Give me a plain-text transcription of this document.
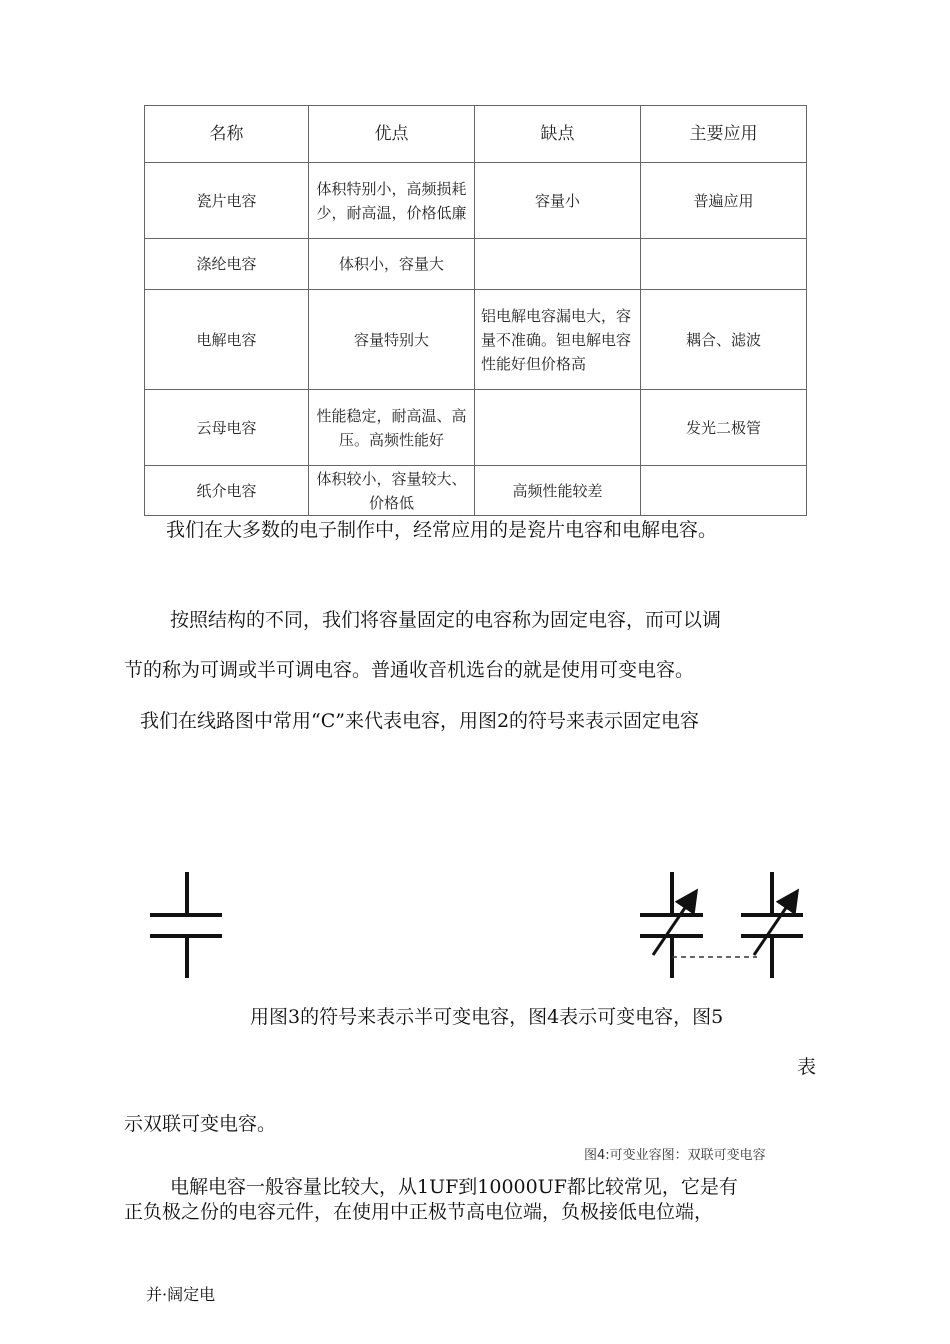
名称	优点	缺点	主要应用
瓷片电容	体积特别小，高频损耗少，耐高温，价格低廉	容量小	普遍应用
涤纶电容	体积小，容量大		
电解电容	容量特别大	铝电解电容漏电大，容量不准确。钽电解电容性能好但价格高	耦合、滤波
云母电容	性能稳定，耐高温、高压。高频性能好		发光二极管
纸介电容	体积较小，容量较大、价格低	高频性能较差	
我们在大多数的电子制作中，经常应用的是瓷片电容和电解电容。
按照结构的不同，我们将容量固定的电容称为固定电容，而可以调
节的称为可调或半可调电容。普通收音机选台的就是使用可变电容。
我们在线路图中常用“C”来代表电容，用图2的符号来表示固定电容
用图3的符号来表示半可变电容，图4表示可变电容，图5
表
示双联可变电容。
图4:可变业容图：双联可变电容
电解电容一般容量比较大，从1UF到10000UF都比较常见，它是有
正负极之份的电容元件，在使用中正极节高电位端，负极接低电位端，
并·阔定电
